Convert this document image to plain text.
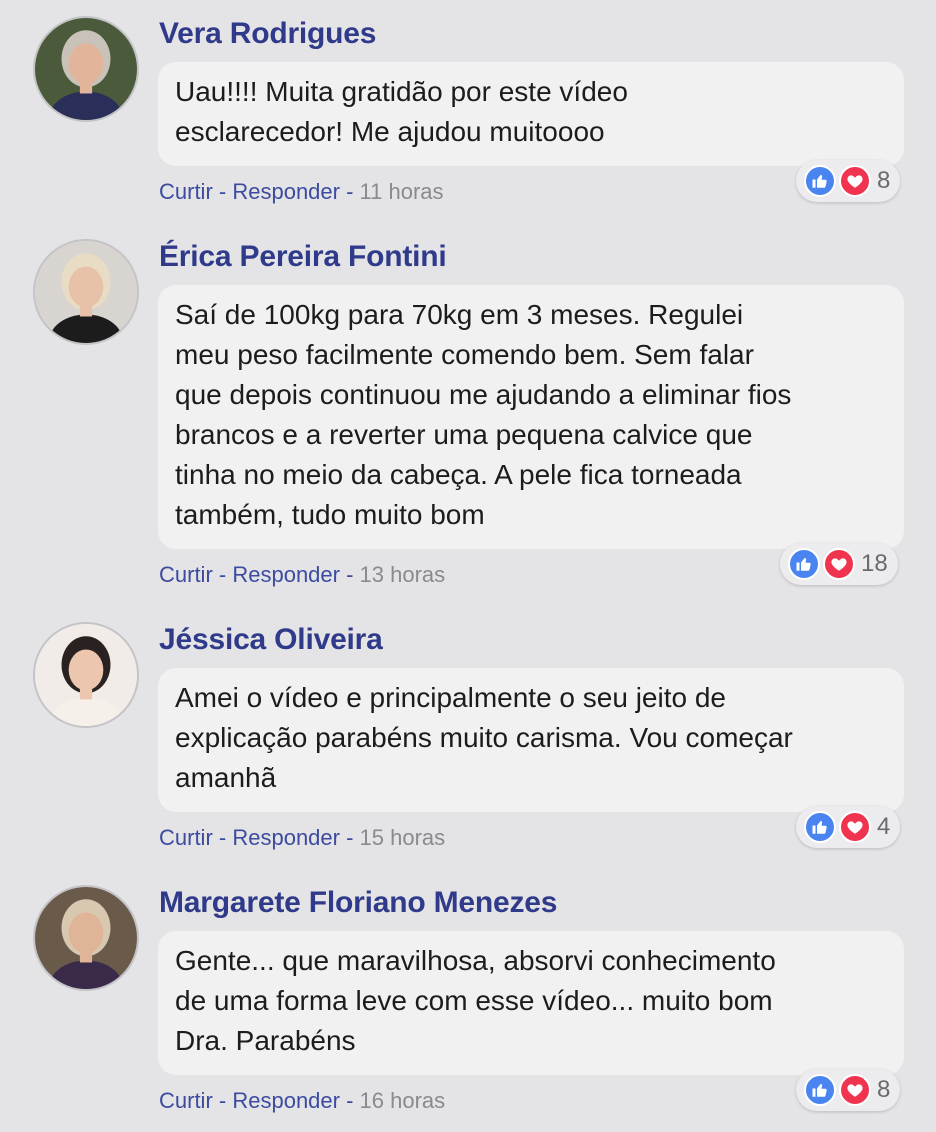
Vera Rodrigues
Uau!!!! Muita gratidão por este vídeo
esclarecedor! Me ajudou muitoooo
Curtir - Responder - 11 horas	8
Érica Pereira Fontini
Saí de 100kg para 70kg em 3 meses. Regulei
meu peso facilmente comendo bem. Sem falar
que depois continuou me ajudando a eliminar fios
brancos e a reverter uma pequena calvice que
tinha no meio da cabeça. A pele fica torneada
também, tudo muito bom
Curtir - Responder - 13 horas	18
Jéssica Oliveira
Amei o vídeo e principalmente o seu jeito de
explicação parabéns muito carisma. Vou começar
amanhã
Curtir - Responder - 15 horas	4
Margarete Floriano Menezes
Gente... que maravilhosa, absorvi conhecimento
de uma forma leve com esse vídeo... muito bom
Dra. Parabéns
Curtir - Responder - 16 horas	8
